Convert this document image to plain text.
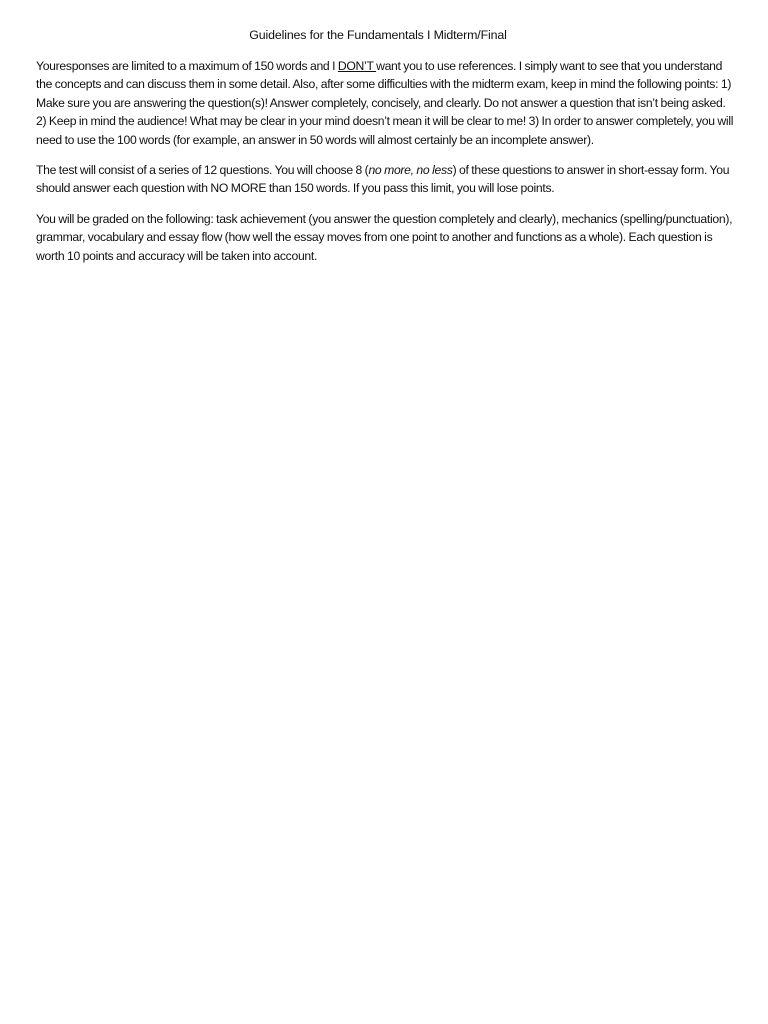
Guidelines for the Fundamentals I Midterm/Final

Youresponses are limited to a maximum of 150 words and I DON’T want you to use references. I simply want to see that you understand the concepts and can discuss them in some detail. Also, after some difficulties with the midterm exam, keep in mind the following points: 1) Make sure you are answering the question(s)! Answer completely, concisely, and clearly. Do not answer a question that isn’t being asked. 2) Keep in mind the audience! What may be clear in your mind doesn’t mean it will be clear to me! 3) In order to answer completely, you will need to use the 100 words (for example, an answer in 50 words will almost certainly be an incomplete answer).

The test will consist of a series of 12 questions. You will choose 8 (no more, no less) of these questions to answer in short-essay form. You should answer each question with NO MORE than 150 words. If you pass this limit, you will lose points.

You will be graded on the following: task achievement (you answer the question completely and clearly), mechanics (spelling/punctuation), grammar, vocabulary and essay flow (how well the essay moves from one point to another and functions as a whole). Each question is worth 10 points and accuracy will be taken into account.
